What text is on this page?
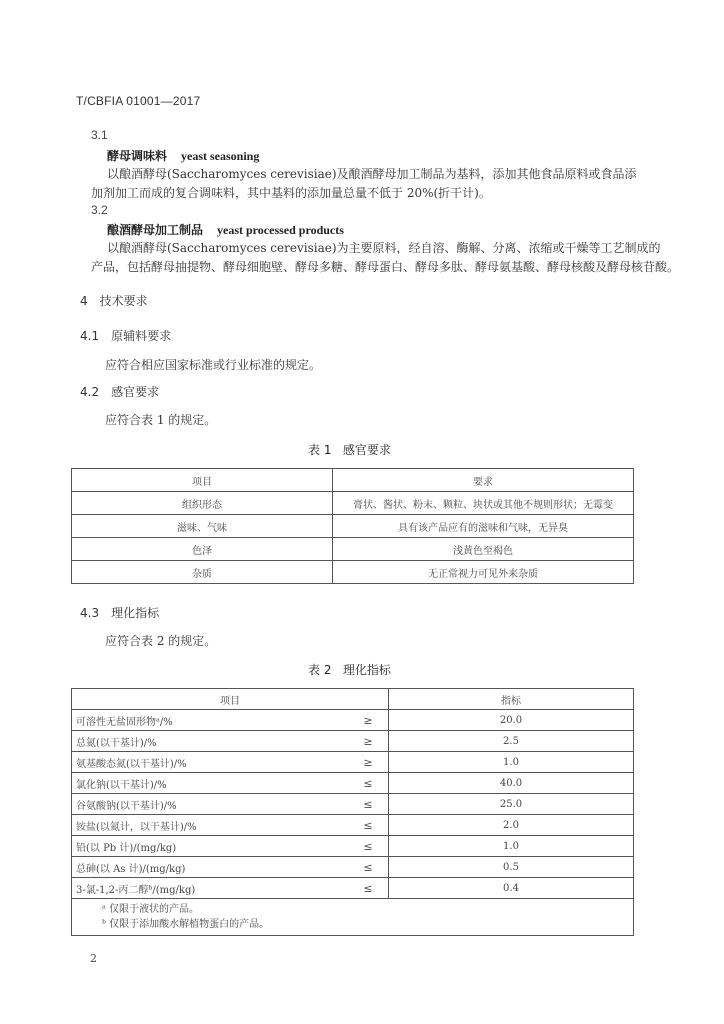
T/CBFIA 01001—2017
3.1
酵母调味料 yeast seasoning
以酿酒酵母(Saccharomyces cerevisiae)及酿酒酵母加工制品为基料，添加其他食品原料或食品添
加剂加工而成的复合调味料，其中基料的添加量总量不低于 20%(折干计)。
3.2
酿酒酵母加工制品 yeast processed products
以酿酒酵母(Saccharomyces cerevisiae)为主要原料，经自溶、酶解、分离、浓缩或干燥等工艺制成的
产品，包括酵母抽提物、酵母细胞壁、酵母多糖、酵母蛋白、酵母多肽、酵母氨基酸、酵母核酸及酵母核苷酸。
4 技术要求
4.1 原辅料要求
应符合相应国家标准或行业标准的规定。
4.2 感官要求
应符合表 1 的规定。
表 1   感官要求
项目	要求
组织形态	膏状、酱状、粉末、颗粒、块状或其他不规则形状；无霉变
滋味、气味	具有该产品应有的滋味和气味，无异臭
色泽	浅黄色至褐色
杂质	无正常视力可见外来杂质
4.3 理化指标
应符合表 2 的规定。
表 2   理化指标
项目		指标
可溶性无盐固形物ᵃ/%	≥	20.0
总氮(以干基计)/%	≥	2.5
氨基酸态氮(以干基计)/%	≥	1.0
氯化钠(以干基计)/%	≤	40.0
谷氨酸钠(以干基计)/%	≤	25.0
铵盐(以氮计，以干基计)/%	≤	2.0
铅(以 Pb 计)/(mg/kg)	≤	1.0
总砷(以 As 计)/(mg/kg)	≤	0.5
3-氯-1,2-丙二醇ᵇ/(mg/kg)	≤	0.4

ᵃ 仅限于液状的产品。
ᵇ 仅限于添加酸水解植物蛋白的产品。		
2
